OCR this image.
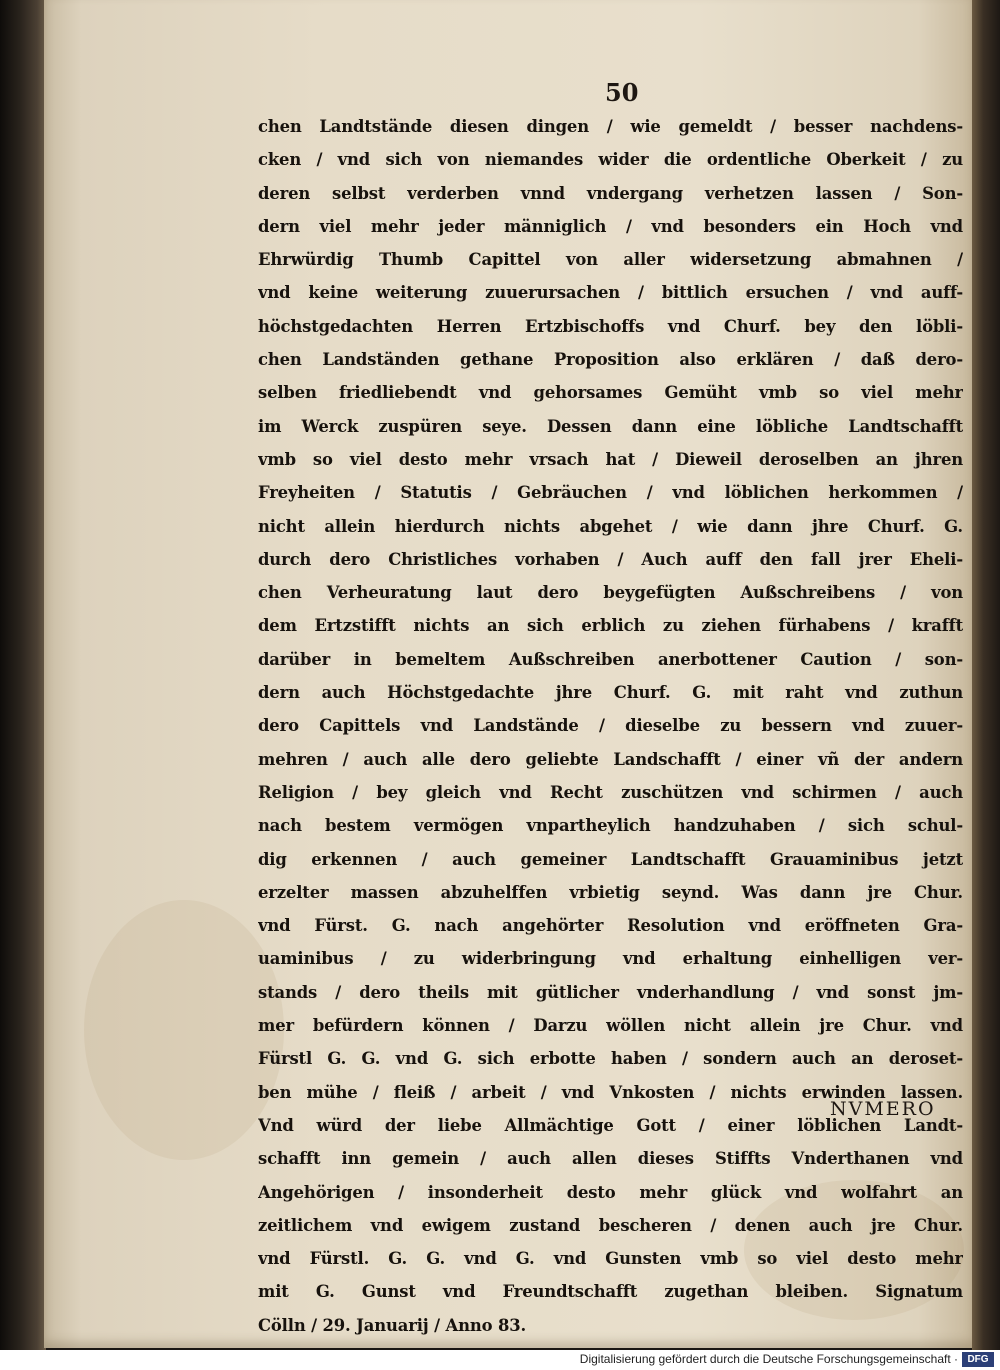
50
chen Landtstände diesen dingen / wie gemeldt / besser nachdens-
cken / vnd sich von niemandes wider die ordentliche Oberkeit / zu
deren selbst verderben vnnd vndergang verhetzen lassen / Son-
dern viel mehr jeder männiglich / vnd besonders ein Hoch vnd
Ehrwürdig Thumb Capittel von aller widersetzung abmahnen /
vnd keine weiterung zuuerursachen / bittlich ersuchen / vnd auff-
höchstgedachten Herren Ertzbischoffs vnd Churf. bey den löbli-
chen Landständen gethane Proposition also erklären / daß dero-
selben friedliebendt vnd gehorsames Gemüht vmb so viel mehr
im Werck zuspüren seye. Dessen dann eine löbliche Landtschafft
vmb so viel desto mehr vrsach hat / Dieweil deroselben an jhren
Freyheiten / Statutis / Gebräuchen / vnd löblichen herkommen /
nicht allein hierdurch nichts abgehet / wie dann jhre Churf. G.
durch dero Christliches vorhaben / Auch auff den fall jrer Eheli-
chen Verheuratung laut dero beygefügten Außschreibens / von
dem Ertzstifft nichts an sich erblich zu ziehen fürhabens / krafft
darüber in bemeltem Außschreiben anerbottener Caution / son-
dern auch Höchstgedachte jhre Churf. G. mit raht vnd zuthun
dero Capittels vnd Landstände / dieselbe zu bessern vnd zuuer-
mehren / auch alle dero geliebte Landschafft / einer vñ der andern
Religion / bey gleich vnd Recht zuschützen vnd schirmen / auch
nach bestem vermögen vnpartheylich handzuhaben / sich schul-
dig erkennen / auch gemeiner Landtschafft Grauaminibus jetzt
erzelter massen abzuhelffen vrbietig seynd. Was dann jre Chur.
vnd Fürst. G. nach angehörter Resolution vnd eröffneten Gra-
uaminibus / zu widerbringung vnd erhaltung einhelligen ver-
stands / dero theils mit gütlicher vnderhandlung / vnd sonst jm-
mer befürdern können / Darzu wöllen nicht allein jre Chur. vnd
Fürstl G. G. vnd G. sich erbotte haben / sondern auch an deroset-
ben mühe / fleiß / arbeit / vnd Vnkosten / nichts erwinden lassen.
Vnd würd der liebe Allmächtige Gott / einer löblichen Landt-
schafft inn gemein / auch allen dieses Stiffts Vnderthanen vnd
Angehörigen / insonderheit desto mehr glück vnd wolfahrt an
zeitlichem vnd ewigem zustand bescheren / denen auch jre Chur.
vnd Fürstl. G. G. vnd G. vnd Gunsten vmb so viel desto mehr
mit G. Gunst vnd Freundtschafft zugethan bleiben. Signatum
Cölln / 29. Januarij / Anno 83.
NVMERO
Digitalisierung gefördert durch die Deutsche Forschungsgemeinschaft · DFG
